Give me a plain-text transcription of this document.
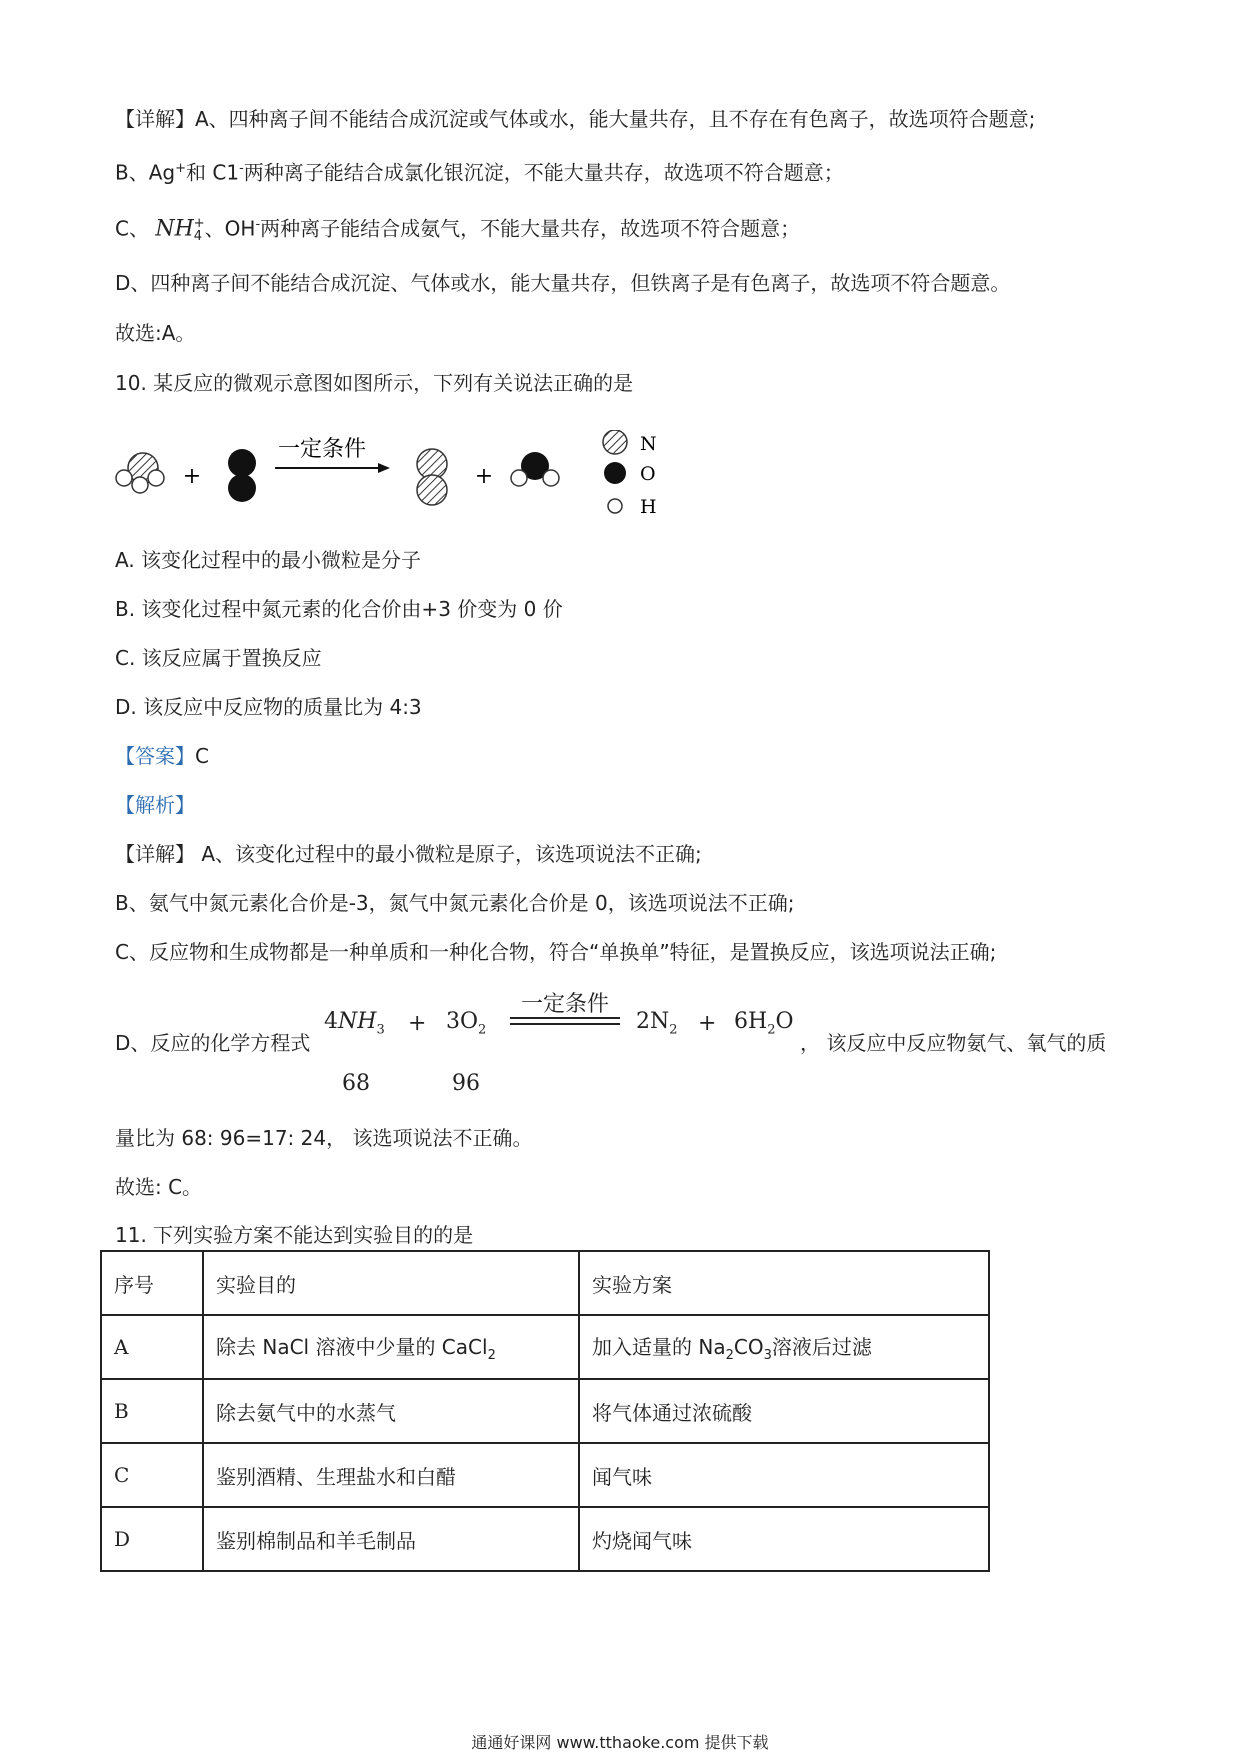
【详解】A、四种离子间不能结合成沉淀或气体或水，能大量共存，且不存在有色离子，故选项符合题意;
B、Ag+和 C1-两种离子能结合成氯化银沉淀，不能大量共存，故选项不符合题意；
C、 NH +
4 、OH-两种离子能结合成氨气，不能大量共存，故选项不符合题意；
D、四种离子间不能结合成沉淀、气体或水，能大量共存，但铁离子是有色离子，故选项不符合题意。
故选:A。
10. 某反应的微观示意图如图所示，下列有关说法正确的是
+
一定条件
+
N
O
H
A. 该变化过程中的最小微粒是分子
B. 该变化过程中氮元素的化合价由+3 价变为 0 价
C. 该反应属于置换反应
D. 该反应中反应物的质量比为 4:3
【答案】C
【解析】
【详解】 A、该变化过程中的最小微粒是原子，该选项说法不正确;
B、氨气中氮元素化合价是-3，氮气中氮元素化合价是 0，该选项说法不正确;
C、反应物和生成物都是一种单质和一种化合物，符合“单换单”特征，是置换反应，该选项说法正确;
D、反应的化学方程式
$4NH_3 + 3O_2$
一定条件
$2N_2 + 6H_2O$
68	96
， 该反应中反应物氨气、氧气的质
量比为 68: 96=17: 24， 该选项说法不正确。
故选: C。
11. 下列实验方案不能达到实验目的的是
序号	实验目的	实验方案
A	除去 NaCl 溶液中少量的 CaCl$_2$	加入适量的 $Na_2CO_3$溶液后过滤
B	除去氨气中的水蒸气	将气体通过浓硫酸
C	鉴别酒精、生理盐水和白醋	闻气味
D	鉴别棉制品和羊毛制品	灼烧闻气味
通通好课网 www.tthaoke.com 提供下载
